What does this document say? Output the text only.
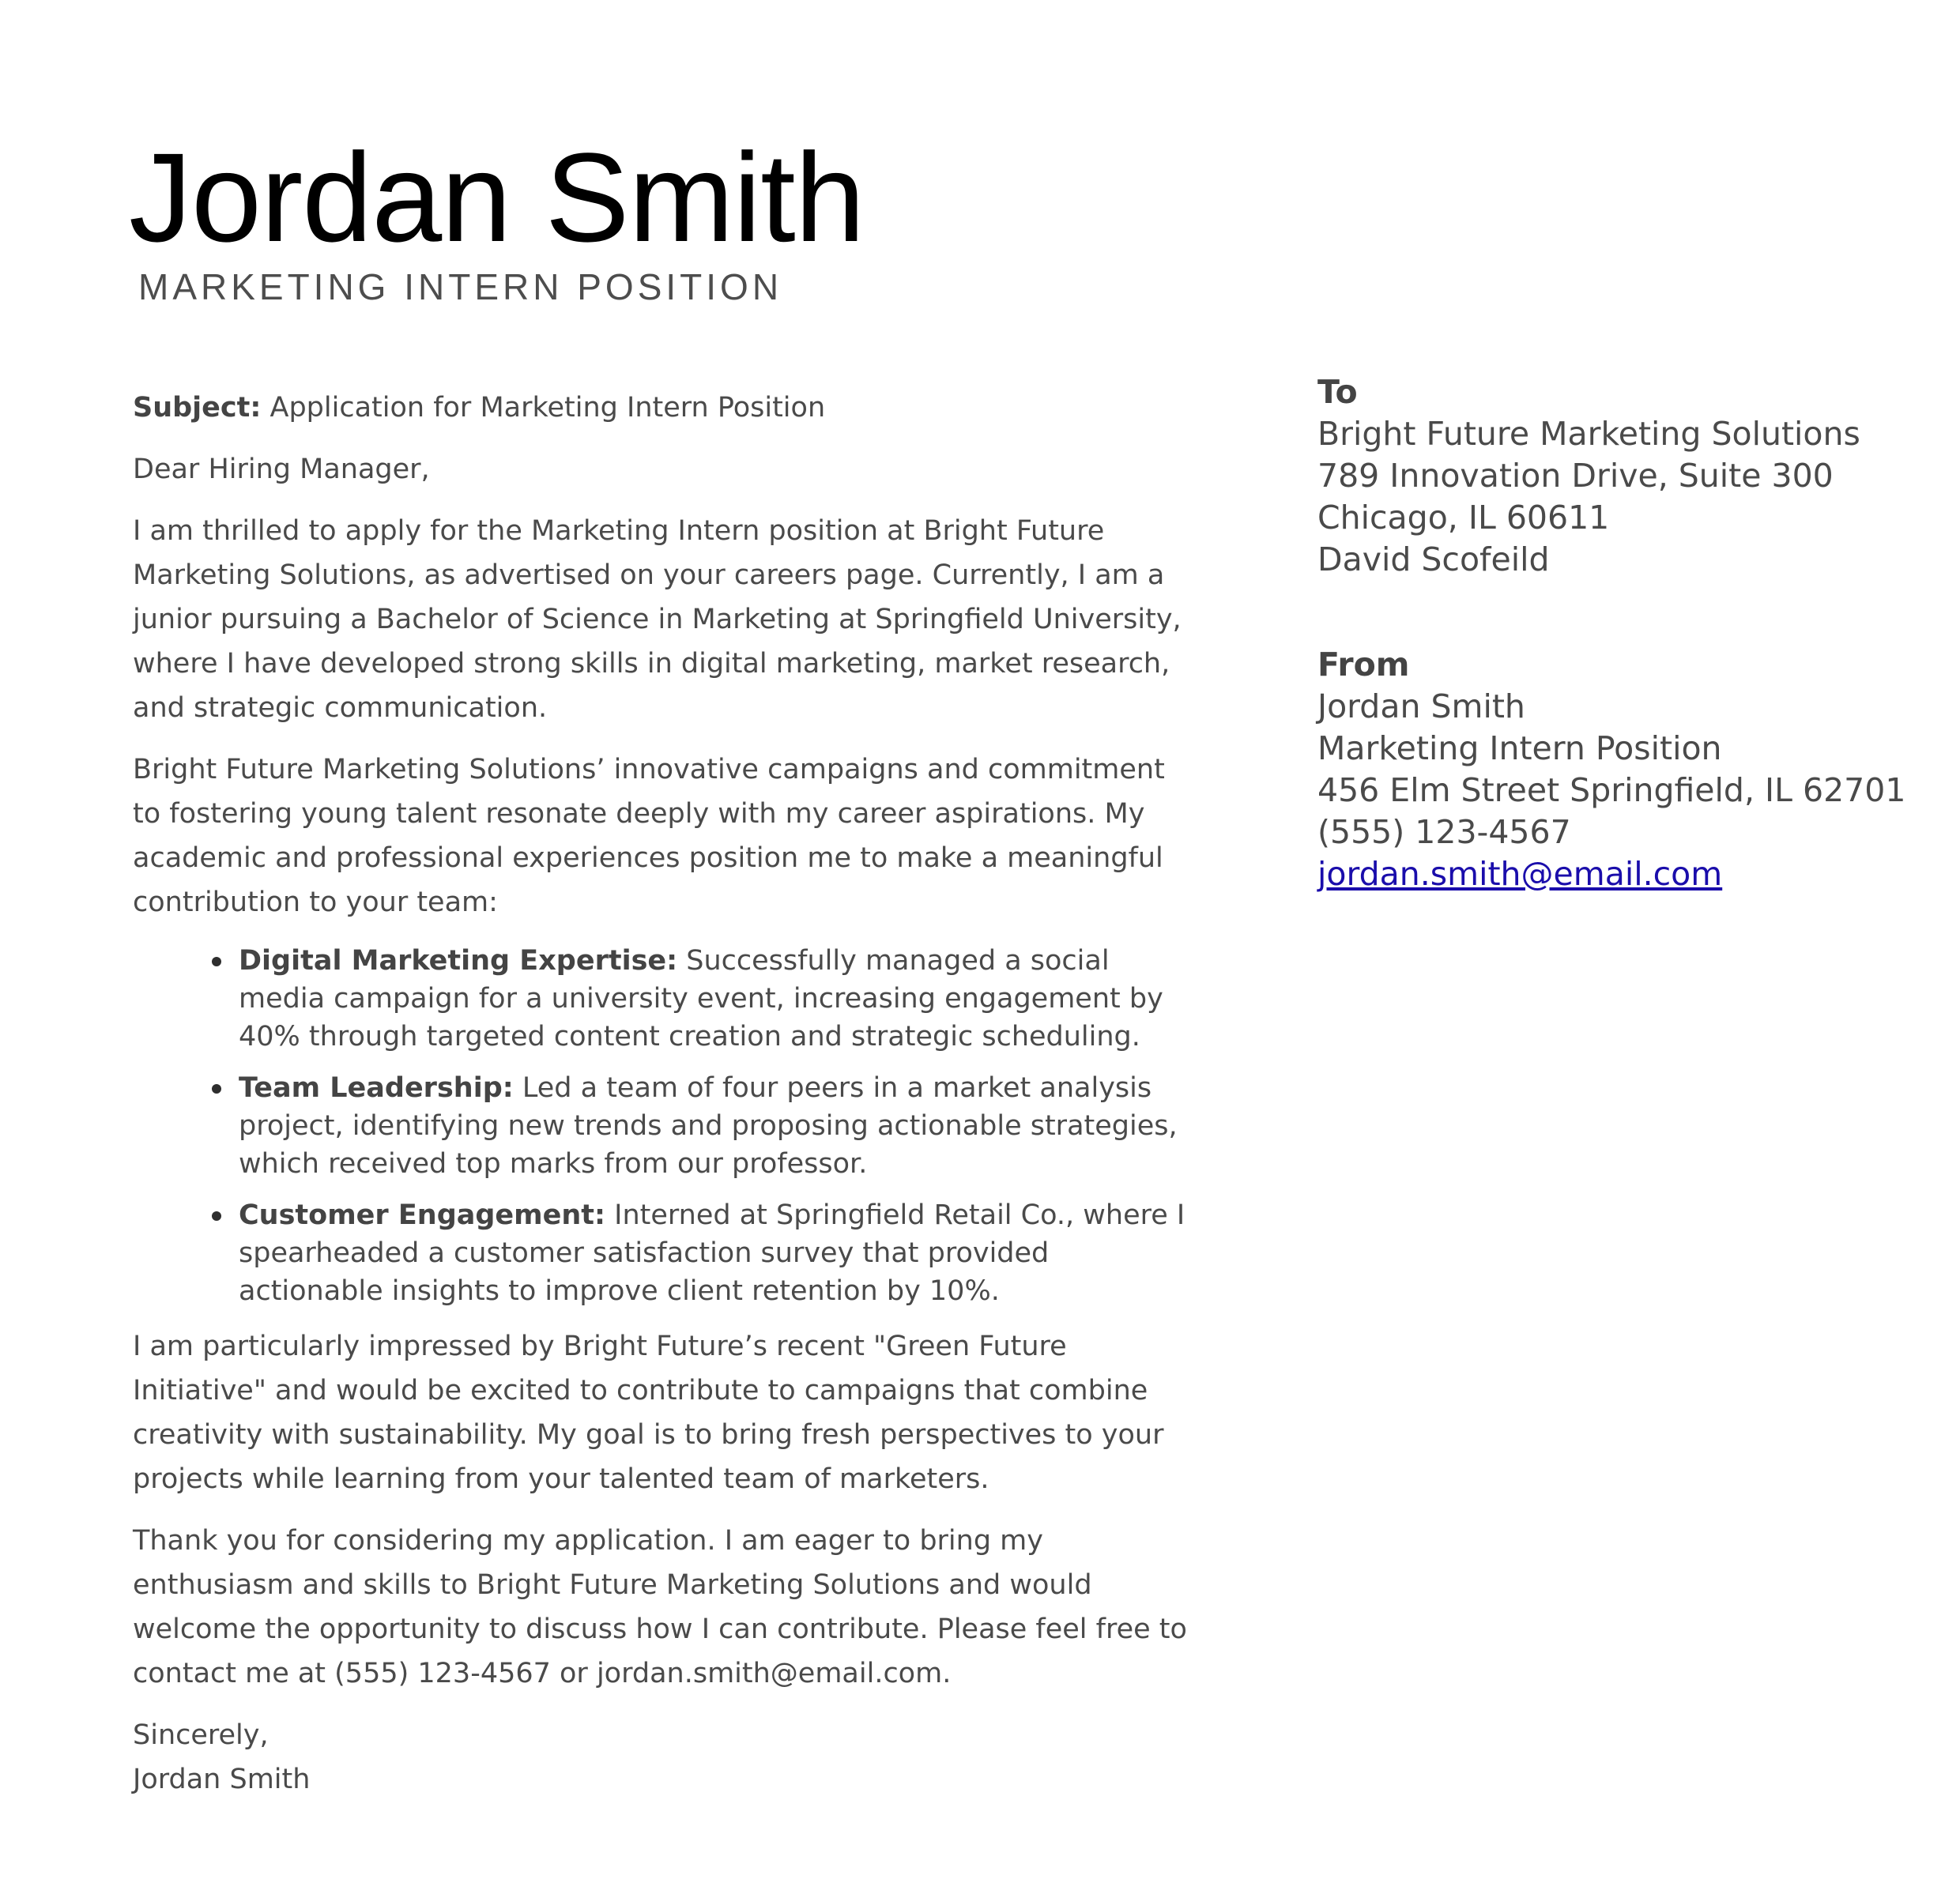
Jordan Smith
MARKETING INTERN POSITION

Subject: Application for Marketing Intern Position

Dear Hiring Manager,

I am thrilled to apply for the Marketing Intern position at Bright Future Marketing Solutions, as advertised on your careers page. Currently, I am a junior pursuing a Bachelor of Science in Marketing at Springfield University, where I have developed strong skills in digital marketing, market research, and strategic communication.

Bright Future Marketing Solutions’ innovative campaigns and commitment to fostering young talent resonate deeply with my career aspirations. My academic and professional experiences position me to make a meaningful contribution to your team:

Digital Marketing Expertise: Successfully managed a social media campaign for a university event, increasing engagement by 40% through targeted content creation and strategic scheduling.
Team Leadership: Led a team of four peers in a market analysis project, identifying new trends and proposing actionable strategies, which received top marks from our professor.
Customer Engagement: Interned at Springfield Retail Co., where I spearheaded a customer satisfaction survey that provided actionable insights to improve client retention by 10%.

I am particularly impressed by Bright Future’s recent "Green Future Initiative" and would be excited to contribute to campaigns that combine creativity with sustainability. My goal is to bring fresh perspectives to your projects while learning from your talented team of marketers.

Thank you for considering my application. I am eager to bring my enthusiasm and skills to Bright Future Marketing Solutions and would welcome the opportunity to discuss how I can contribute. Please feel free to contact me at (555) 123-4567 or jordan.smith@email.com.

Sincerely,

Jordan Smith

To
Bright Future Marketing Solutions
789 Innovation Drive, Suite 300
Chicago, IL 60611
David Scofeild
From
Jordan Smith
Marketing Intern Position
456 Elm Street Springfield, IL 62701
(555) 123-4567
jordan.smith@email.com
